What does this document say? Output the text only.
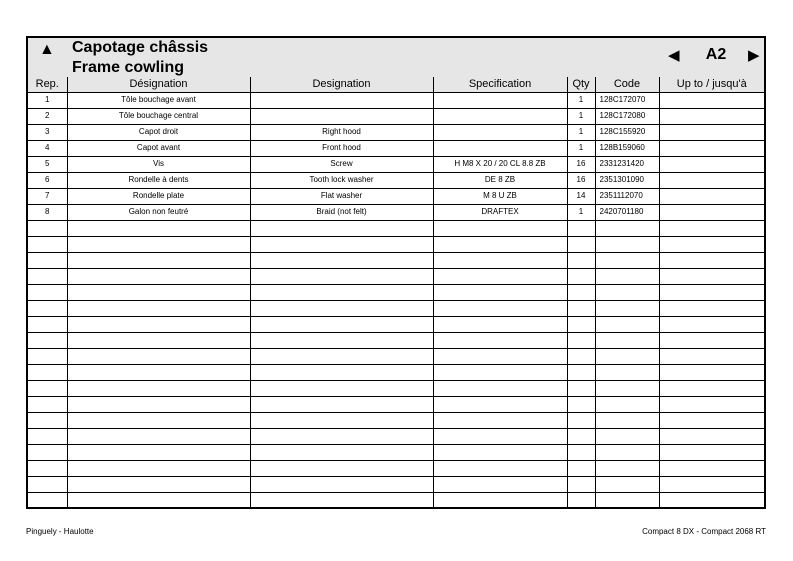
▲ Capotage châssis
Frame cowling
◀	A2	▶
Rep.	Désignation	Designation	Specification	Qty	Code	Up to / jusqu'à
1	Tôle bouchage avant			1	128C172070	
2	Tôle bouchage central			1	128C172080	
3	Capot droit	Right hood		1	128C155920	
4	Capot avant	Front hood		1	128B159060	
5	Vis	Screw	H M8 X 20 / 20 CL 8.8 ZB	16	2331231420	
6	Rondelle à dents	Tooth lock washer	DE 8 ZB	16	2351301090	
7	Rondelle plate	Flat washer	M 8 U ZB	14	2351112070	
8	Galon non feutré	Braid (not felt)	DRAFTEX	1	2420701180	

Pinguely - Haulotte	Compact 8 DX - Compact 2068 RT
